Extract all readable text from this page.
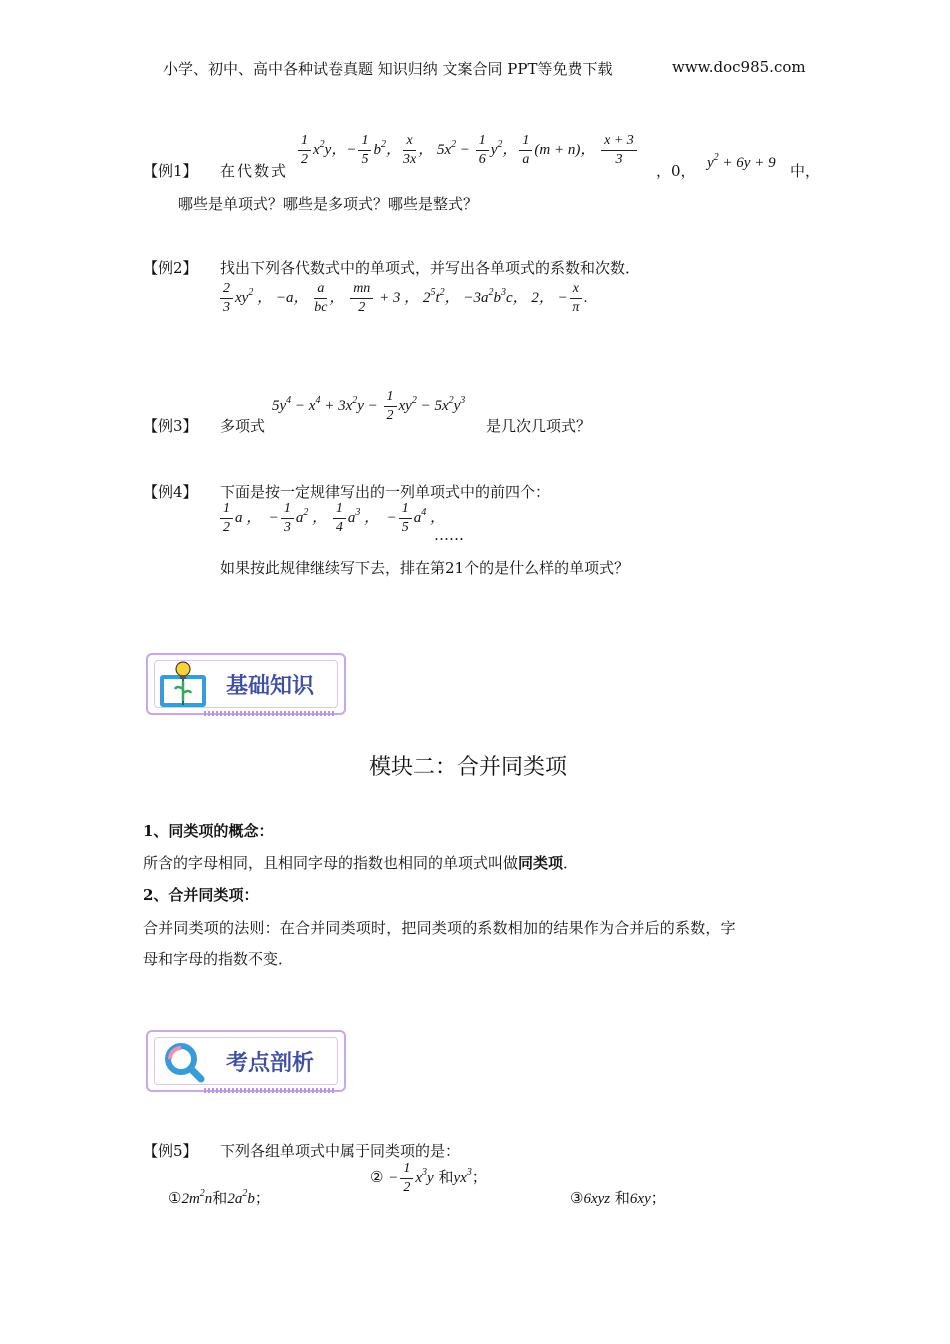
小学、初中、高中各种试卷真题 知识归纳 文案合同 PPT等免费下载	www.doc985.com
【例1】 在代数式
$\frac{1}{2} x^2y$，− $\frac{1}{5} b^2$， $\frac{x}{3x}$ ， $5x^2 - \frac{1}{6} y^2$， $\frac{1}{a} (m + n)$， $\frac{x + 3}{3}$
，0， $y^2 + 6y + 9$ 中，
哪些是单项式？哪些是多项式？哪些是整式？
【例2】 找出下列各代数式中的单项式，并写出各单项式的系数和次数．
$\frac{2}{3} xy^2$ ， −a， $\frac{a}{bc}$ ， $\frac{mn}{2} + 3$ ， $2^5t^2$， $-3a^2b^3c$， 2， − $\frac{x}{\pi}$ .
【例3】 多项式
$5y^4 - x^4 + 3x^2y - \frac{1}{2} xy^2 - 5x^2y^3$
是几次几项式？
【例4】 下面是按一定规律写出的一列单项式中的前四个：
$\frac{1}{2}$ a ，  − $\frac{1}{3} a^2$ ， $\frac{1}{4} a^3$ ，  − $\frac{1}{5} a^4$ ，
……
如果按此规律继续写下去，排在第21个的是什么样的单项式？
基础知识
模块二：合并同类项
1、同类项的概念：
所含的字母相同，且相同字母的指数也相同的单项式叫做同类项．
2、合并同类项：
合并同类项的法则：在合并同类项时，把同类项的系数相加的结果作为合并后的系数，字
母和字母的指数不变．
考点剖析
【例5】 下列各组单项式中属于同类项的是：
$①2m^2n$和$2a^2b$；
② − $\frac{1}{2} x^3y$ 和$yx^3$；
③6xyz 和6xy；
